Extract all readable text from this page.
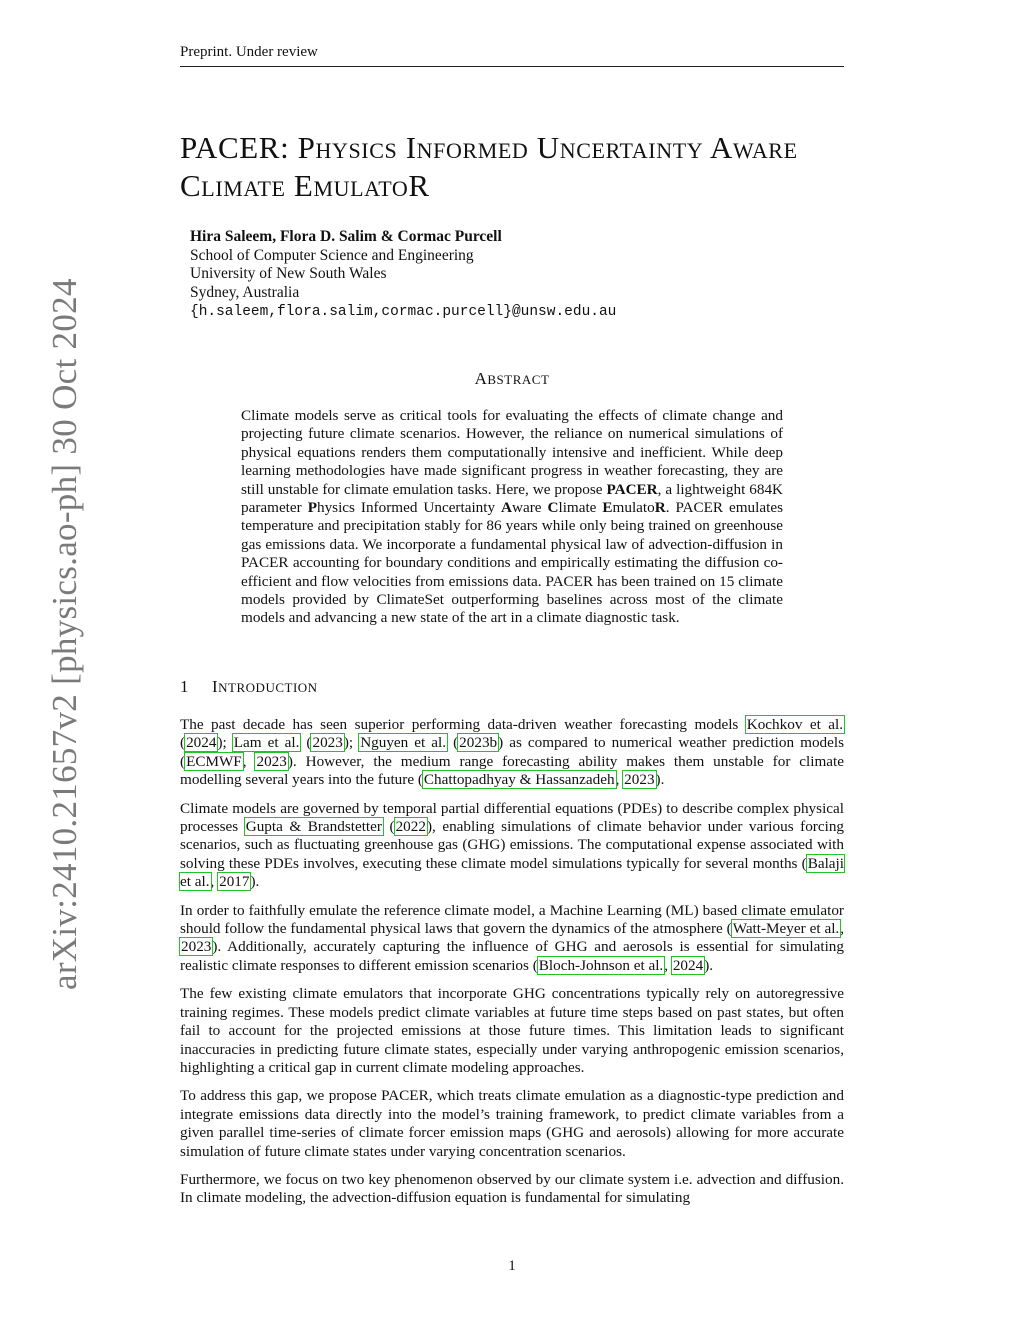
Preprint. Under review
arXiv:2410.21657v2 [physics.ao-ph] 30 Oct 2024
PACER: PHYSICS INFORMED UNCERTAINTY AWARE
CLIMATE EMULATOR
Hira Saleem, Flora D. Salim & Cormac Purcell
School of Computer Science and Engineering
University of New South Wales
Sydney, Australia
{h.saleem,flora.salim,cormac.purcell}@unsw.edu.au
ABSTRACT
Climate models serve as critical tools for evaluating the effects of climate change and projecting future climate scenarios. However, the reliance on numerical simulations of physical equations renders them computationally intensive and inefficient. While deep learning methodologies have made significant progress in weather forecasting, they are still unstable for climate emulation tasks. Here, we propose PACER, a lightweight 684K parameter Physics Informed Uncertainty Aware Climate EmulatoR. PACER emulates temperature and precipitation stably for 86 years while only being trained on greenhouse gas emissions data. We incorporate a fundamental physical law of advection-diffusion in PACER accounting for boundary conditions and empirically estimating the diffusion co-efficient and flow velocities from emissions data. PACER has been trained on 15 climate models provided by ClimateSet outperforming baselines across most of the climate models and advancing a new state of the art in a climate diagnostic task.
1 INTRODUCTION

The past decade has seen superior performing data-driven weather forecasting models Kochkov et al. (2024); Lam et al. (2023); Nguyen et al. (2023b) as compared to numerical weather prediction models (ECMWF, 2023). However, the medium range forecasting ability makes them unstable for climate modelling several years into the future (Chattopadhyay & Hassanzadeh, 2023).

Climate models are governed by temporal partial differential equations (PDEs) to describe complex physical processes Gupta & Brandstetter (2022), enabling simulations of climate behavior under various forcing scenarios, such as fluctuating greenhouse gas (GHG) emissions. The computational expense associated with solving these PDEs involves, executing these climate model simulations typically for several months (Balaji et al., 2017).

In order to faithfully emulate the reference climate model, a Machine Learning (ML) based climate emulator should follow the fundamental physical laws that govern the dynamics of the atmosphere (Watt-Meyer et al., 2023). Additionally, accurately capturing the influence of GHG and aerosols is essential for simulating realistic climate responses to different emission scenarios (Bloch-Johnson et al., 2024).

The few existing climate emulators that incorporate GHG concentrations typically rely on autoregressive training regimes. These models predict climate variables at future time steps based on past states, but often fail to account for the projected emissions at those future times. This limitation leads to significant inaccuracies in predicting future climate states, especially under varying anthropogenic emission scenarios, highlighting a critical gap in current climate modeling approaches.

To address this gap, we propose PACER, which treats climate emulation as a diagnostic-type prediction and integrate emissions data directly into the model’s training framework, to predict climate variables from a given parallel time-series of climate forcer emission maps (GHG and aerosols) allowing for more accurate simulation of future climate states under varying concentration scenarios.

Furthermore, we focus on two key phenomenon observed by our climate system i.e. advection and diffusion. In climate modeling, the advection-diffusion equation is fundamental for simulating

1
